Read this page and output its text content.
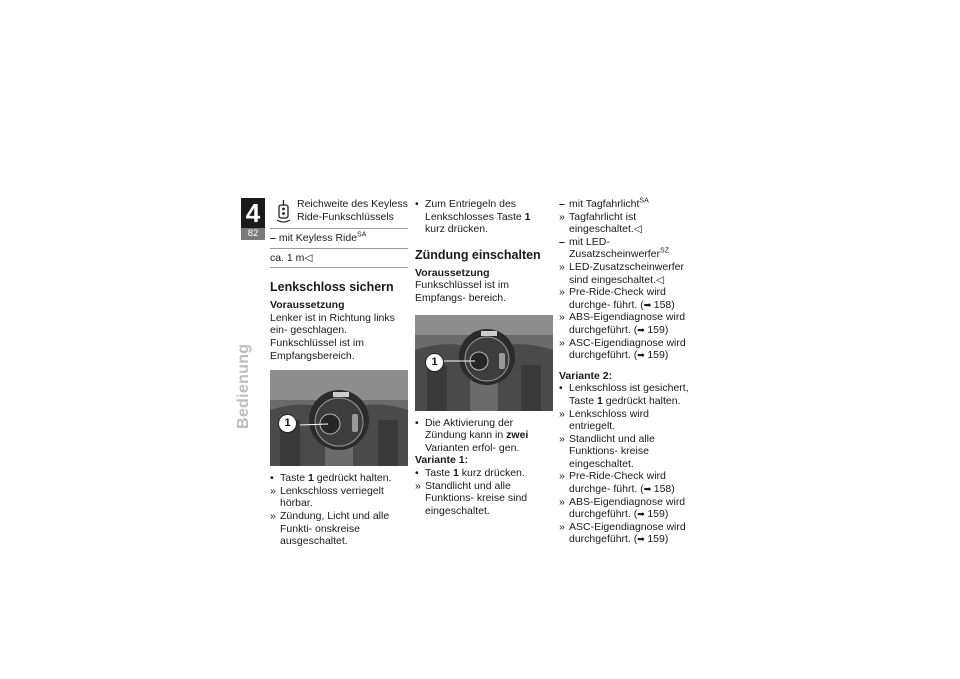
4
82
Bedienung

Reichweite des Keyless Ride-Funkschlüssels

– mit Keyless Ride$^{SA}$
ca. 1 m◁
Lenkschloss sichern
Voraussetzung

Lenker ist in Richtung links ein- geschlagen. Funkschlüssel ist im Empfangsbereich.

1
• Taste 1 gedrückt halten.
» Lenkschloss verriegelt hörbar.
» Zündung, Licht und alle Funkti- onskreise ausgeschaltet.
• Zum Entriegeln des Lenkschlosses Taste 1 kurz drücken.
Zündung einschalten
Voraussetzung

Funkschlüssel ist im Empfangs- bereich.

1
• Die Aktivierung der Zündung kann in zwei Varianten erfol- gen.
Variante 1:
• Taste 1 kurz drücken.
» Standlicht und alle Funktions- kreise sind eingeschaltet.
– mit Tagfahrlicht$^{SA}$
» Tagfahrlicht ist eingeschaltet.◁
– mit LED-Zusatzscheinwerfer$^{SZ}$
» LED-Zusatzscheinwerfer sind eingeschaltet.◁
» Pre-Ride-Check wird durchge- führt. (➡ 158)
» ABS-Eigendiagnose wird durchgeführt. (➡ 159)
» ASC-Eigendiagnose wird durchgeführt. (➡ 159)
Variante 2:
• Lenkschloss ist gesichert, Taste 1 gedrückt halten.
» Lenkschloss wird entriegelt.
» Standlicht und alle Funktions- kreise eingeschaltet.
» Pre-Ride-Check wird durchge- führt. (➡ 158)
» ABS-Eigendiagnose wird durchgeführt. (➡ 159)
» ASC-Eigendiagnose wird durchgeführt. (➡ 159)
